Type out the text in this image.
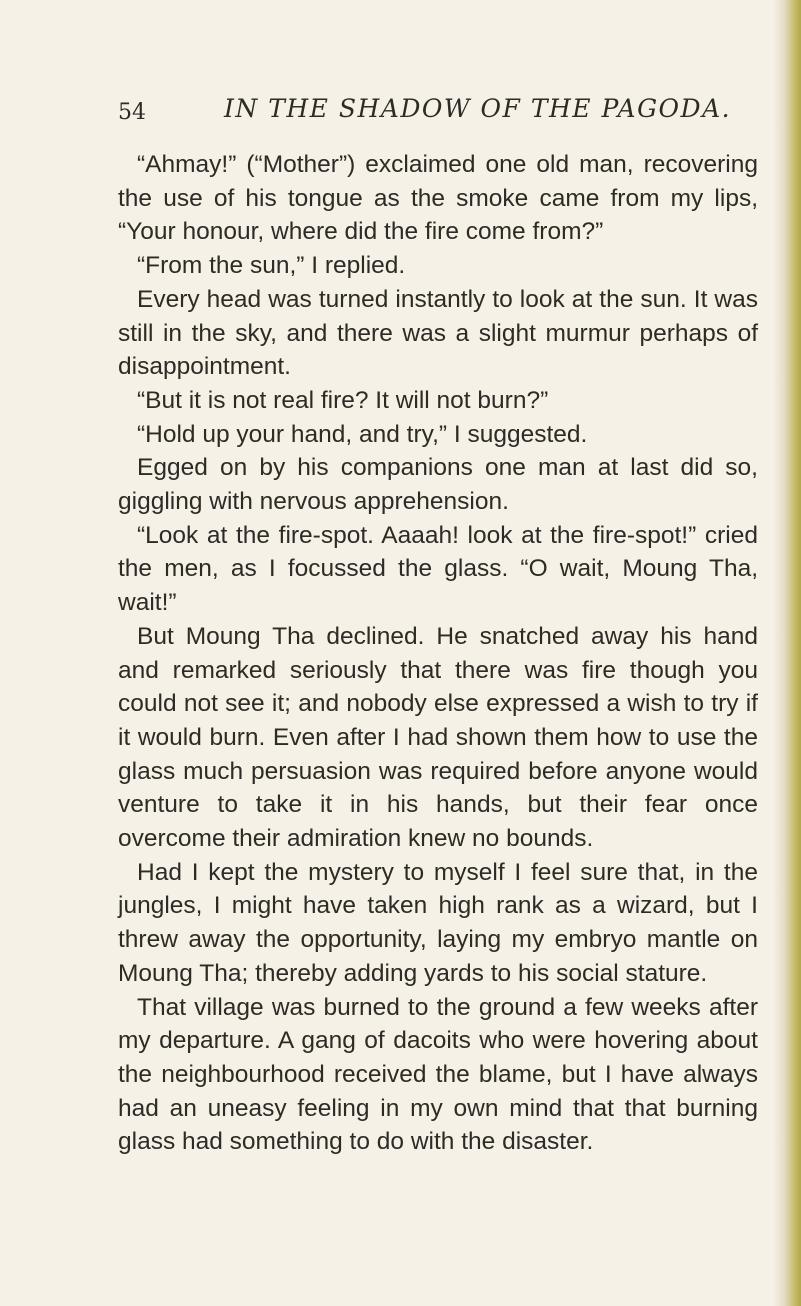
54	IN THE SHADOW OF THE PAGODA.

“Ahmay!” (“Mother”) exclaimed one old man, recovering the use of his tongue as the smoke came from my lips, “Your honour, where did the fire come from?”

“From the sun,” I replied.

Every head was turned instantly to look at the sun. It was still in the sky, and there was a slight murmur perhaps of disappointment.

“But it is not real fire? It will not burn?”

“Hold up your hand, and try,” I suggested.

Egged on by his companions one man at last did so, giggling with nervous apprehension.

“Look at the fire-spot. Aaaah! look at the fire-spot!” cried the men, as I focussed the glass. “O wait, Moung Tha, wait!”

But Moung Tha declined. He snatched away his hand and remarked seriously that there was fire though you could not see it; and nobody else expressed a wish to try if it would burn. Even after I had shown them how to use the glass much persuasion was required before anyone would venture to take it in his hands, but their fear once overcome their admiration knew no bounds.

Had I kept the mystery to myself I feel sure that, in the jungles, I might have taken high rank as a wizard, but I threw away the opportunity, laying my embryo mantle on Moung Tha; thereby adding yards to his social stature.

That village was burned to the ground a few weeks after my departure. A gang of dacoits who were hovering about the neighbourhood received the blame, but I have always had an uneasy feeling in my own mind that that burning glass had something to do with the disaster.
